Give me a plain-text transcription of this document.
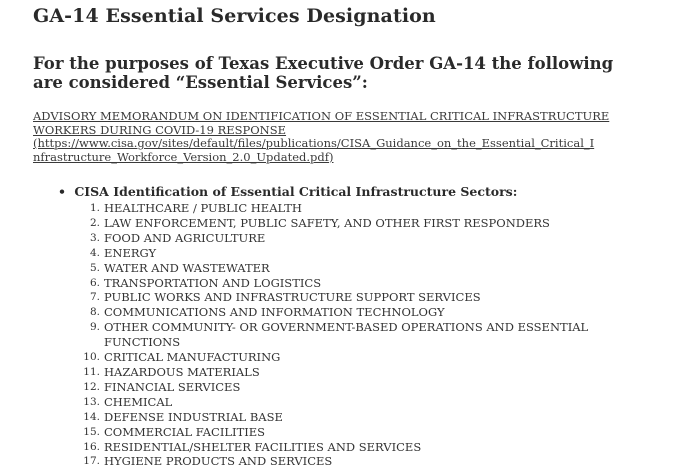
GA-14 Essential Services Designation
For the purposes of Texas Executive Order GA-14 the following are considered “Essential Services”:
ADVISORY MEMORANDUM ON IDENTIFICATION OF ESSENTIAL CRITICAL INFRASTRUCTURE
WORKERS DURING COVID-19 RESPONSE
(https://www.cisa.gov/sites/default/files/publications/CISA_Guidance_on_the_Essential_Critical_I
nfrastructure_Workforce_Version_2.0_Updated.pdf)
• CISA Identification of Essential Critical Infrastructure Sectors:
1. HEALTHCARE / PUBLIC HEALTH
2. LAW ENFORCEMENT, PUBLIC SAFETY, AND OTHER FIRST RESPONDERS
3. FOOD AND AGRICULTURE
4. ENERGY
5. WATER AND WASTEWATER
6. TRANSPORTATION AND LOGISTICS
7. PUBLIC WORKS AND INFRASTRUCTURE SUPPORT SERVICES
8. COMMUNICATIONS AND INFORMATION TECHNOLOGY
9. OTHER COMMUNITY- OR GOVERNMENT-BASED OPERATIONS AND ESSENTIAL FUNCTIONS
10. CRITICAL MANUFACTURING
11. HAZARDOUS MATERIALS
12. FINANCIAL SERVICES
13. CHEMICAL
14. DEFENSE INDUSTRIAL BASE
15. COMMERCIAL FACILITIES
16. RESIDENTIAL/SHELTER FACILITIES AND SERVICES
17. HYGIENE PRODUCTS AND SERVICES
